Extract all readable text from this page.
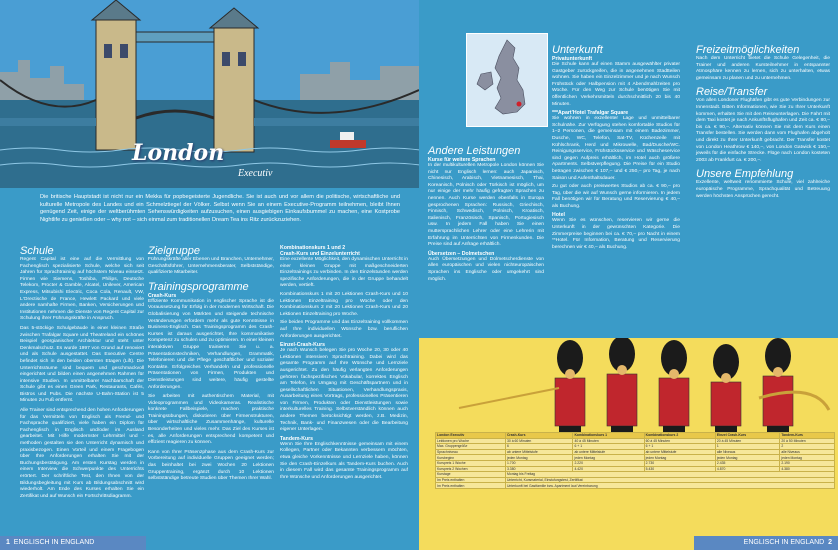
London
Executiv
Die britische Hauptstadt ist nicht nur ein Mekka für popbegeisterte Jugendliche. Sie ist auch und vor allem die politische, wirtschaftliche und kulturelle Metropole des Landes und ein Schmelztiegel der Völker. Selbst wenn Sie an einem Executive-Programm teilnehmen, bleibt Ihnen genügend Zeit, einige der weltberühmten Sehenswürdigkeiten aufzusuchen, einen ausgiebigen Einkaufsbummel zu machen, eine Kostprobe Nightlife zu genießen oder – why not – sich einmal zum traditionellen Dream Tea ins Ritz zurückzuziehen.
Schule
Regent Capital ist eine auf die Vermittlung von Fachenglisch spezialisierte Schule, welche sich seit Jahren für Sprachtraining auf höchstem Niveau einsetzt. Firmen wie Siemens, Toshiba, Philips, Deutsche Telekom, Procter & Gamble, Alcatel, Unilever, American Express, Mitsubishi Electric, Coca Cola, Renault, VW, L'Orectische de France, Hewlett Packard und viele andere namhafte Firmen, Banken, Versicherungen und Institutionen nehmen die Dienste von Regent Capital zur Schulung ihrer Führungskräfte in Anspruch.
Das 5-stöckige Schulgebäude in einer kleinen Straße zwischen Trafalgar Square und Theatreland ein schönes Beispiel georgianischer Architektur und steht unter Denkmalschutz. Es wurde 1997 von Grund auf renoviert und als Schule ausgestattet. Das Executive Centre befindet sich in den beiden obersten Etagen (Lift). Die Unterrichtsräume sind bequem und geschmackvoll eingerichtet und bilden einen angenehmen Rahmen für intensive Studien. In unmittelbarer Nachbarschaft der Schule gibt es einen Green Park, Restaurants, Cafés, Bistros und Pubs. Die nächste U-Bahn-Station ist 5 Minuten zu Fuß entfernt.
Alle Trainer sind entsprechend den hohen Anforderungen für das Vermitteln von Englisch als Fremd- und Fachsprache qualifiziert, viele haben ein Diplom für Fachenglisch in Englisch und/oder im Ausland gearbeitet. Mit Hilfe modernster Lehrmittel und -methoden gestalten sie den Unterricht dynamisch und praxisbezogen. Einen Vorteil und einem Fragebogen über Ihre Anforderungen erhalten Sie mit der Buchungsbestätigung. Am ersten Kurstag werden in einem Interview die Schwerpunkte des Unterrichts erörtert. Der schriftliche Test, den Ihnen von der Bildungsbegleitung mit Kurs ab Bildungsabschnitt wird wiederholt. Am Ende des Kurses erhalten Sie ein Zertifikat und auf Wunsch ein Fortschrittsdiagramm.
Zielgruppe
Führungskräfte aller Ebenen und Branchen, Unternehmer, Geschäftsführer, Unternehmensberater, Selbstständige, qualifizierte Mitarbeiter.
Trainingsprogramme
Crash-Kurs
Effiziente Kommunikation in englischer Sprache ist die Voraussetzung für Erfolg in der modernen Wirtschaft. Die Globalisierung von Märkten und steigende technische Veränderungen erfordern mehr als gute Kenntnisse in Business-Englisch. Das Trainingsprogramm des Crash-Kurses ist daraus ausgerichtet, Ihre kommunikative Kompetenz zu schulen und zu optimieren. In einer kleinen interaktiven Gruppe trainieren Sie u. a. Präsentationstechniken, Verhandlungen, Grammatik, Telefonieren und die Pflege geschäftlicher und sozialer Kontakte. Erfolgreiches Verhandeln und professionelle Präsentationen von Firmen, Produkten und Dienstleistungen sind weitere, häufig gestellte Anforderungen.
Sie arbeiten mit authentischem Material, mit Videoprogrammen und Videokameras. Realistische konkrete Fallbeispiele, machen praktische Trainingsübungen, diskutieren über Firmenstrukturen, über wirtschaftliche Zusammenhänge, kulturelle Besonderheiten und vieles mehr. Das Ziel des Kurses ist es, alle Anforderungen entsprechend kompetent und effizient reagieren zu können.
Kann von Ihrer Präsenzphase aus dem Crash-Kurs zur Vorbereitung auf individuelle Gruppen geeignet werden; das beinhaltet bei zwei Wochen 20 Lektionen Gruppentraining, ergänzt durch 10 Lektionen selbstständige betreute Studien über Themen Ihrer Wahl.
Kombinationskurs 1 und 2
Crash-Kurs und Einzelunterricht
Eine exzellente Möglichkeit, den dynamischen Unterricht in einer kleinen Gruppe mit maßgeschneiderten Einzeltrainings zu verbinden. In den Einzelstunden werden spezifische Anforderungen, die in der Gruppe behandelt werden, vertieft.
Kombinationskurs 1 mit 20 Lektionen Crash-Kurs und 10 Lektionen Einzeltraining pro Woche oder den Kombinationskurs 2 mit 20 Lektionen Crash-Kurs und 20 Lektionen Einzeltraining pro Woche.
Sie beiden Programme und das Einzeltraining vollkommen auf Ihre individuellen Wünsche bzw. beruflichen Anforderungen ausgerichtet.
Einzel-Crash-Kurs
Je nach Wunsch belegen Sie pro Woche 20, 30 oder 40 Lektionen intensiven Sprachtraining. Dabei wird das gesamte Programm auf Ihre Wünsche und Lernziele ausgerichtet. Zu den häufig verlangten Anforderungen gehören fachspezifisches Vokabular, korrektes Englisch am Telefon, im Umgang mit Geschäftspartnern und in gesellschaftlichen Situationen, Verhandlungspraxis, Ausarbeitung eines Vortrags, professionelles Präsentieren von Firmen, Produkten oder Dienstleistungen sowie interkulturelles Training. Selbstverständlich können auch andere Themen berücksichtigt werden, z.B. Medizin, Technik, Bank- und Finanzwesen oder die Bearbeitung eigener Unterlagen.
Tandem-Kurs
Wenn Sie Ihre Englischkenntnisse gemeinsam mit einem Kollegen, Partner oder Bekannten verbessern möchten, etwa gleiche Vorkenntnisse und Lernziele haben, können Sie den Crash-Einzelkurs als Tandem-Kurs buchen. Auch in diesem Fall wird das gesamte Trainingsprogramm auf Ihre Wünsche und Anforderungen ausgerichtet.
1 ENGLISCH IN ENGLAND
Andere Leistungen
Kurse für weitere Sprachen
In der multikulturellen Metropole London können Sie nicht nur Englisch lernen: auch Japanisch, Chinesisch, Arabisch, Vietnamesisch, Thai, Koreanisch, Polnisch oder Türkisch ist möglich, um nur einige der mehr häufig gefragten Sprachen zu nennen. Auch Kurse werden ebenfalls in Europa gesprochenen Sprachen: Russisch, Griechisch, Finnisch, Schwedisch, Polnisch, Kroatisch, Italienisch, Französisch, Spanisch, Portugiesisch usw. In jedem Fall haben Sie einen muttersprachlichen Lehrer oder eine Lehrerin mit Erfahrung im Unterrichten von Firmenkunden. Die Preise sind auf Anfrage erhältlich.
Übersetzen – Dolmetschen
Auch Übersetzungen und Dolmetscherdienste von allen europäischen und vielen nichteuropäischen Sprachen ins Englische oder umgekehrt sind möglich.
Unterkunft
Privatunterkunft
Die Schule kann auf einen Stamm ausgewählter privater Gastgeber zurückgreifen, die in angenehmen Stadtteilen wohnen. Sie haben ein Einzelzimmer und je nach Wunsch Frühstück oder Halbpension mit 4 Abendmahlzeiten pro Woche. Für den Weg zur Schule benötigen Sie mit öffentlichen Verkehrsmitteln durchschnittlich 20 bis 40 Minuten.
***Apart'Hotel Trafalgar Square
Sie wohnen in exzellenter Lage und unmittelbarer Schulnähe. Zur Verfügung stehen komfortable Studios für 1–2 Personen, die gemeinsam mit einem Badezimmer, Dusche, WC, Telefon, Sat-TV, Küchenzeile mit Kühlschrank, Herd und Mikrowelle, Bad/Dusche/WC. Reinigungsservice, Frühstücksservice und Wäscheservice sind gegen Aufpreis erhältlich, im Hotel auch größere Apartments. Selbstverpflegung. Die Preise für ein Studio betragen zwischen € 107,– und € 250,– pro Tag, je nach Saison und Aufenthaltsdauer.
Zu gut oder auch preiswertes Studios ab ca. € 90,– pro Tag, über die wir auf Wunsch gerne informieren. In jedem Fall benötigen wir für Beratung und Reservierung € 40,– als Buchung.
Hotel
Wenn Sie es wünschen, reservieren wir gerne die Unterkunft in der gewünschten Kategorie. Die Zimmerpreise beginnen bei ca. € 70,– pro Nacht in einem **Hotel. Für Information, Beratung und Reservierung berechnen wir € 40,– als Buchung.
Freizeitmöglichkeiten
Nach dem Unterricht bietet die Schule Gelegenheit, die Trainer und anderen Kursteilnehmer in entspannter Atmosphäre kennen zu lernen, sich zu unterhalten, etwas gemeinsam zu planen und zu unternehmen.
Reise/Transfer
Von allen Londoner Flughäfen gibt es gute Verbindungen zur Innenstadt. Bitten Informationen, wie Sie zu Ihrer Unterkunft kommen, erhalten Sie mit den Reiseunterlagen. Die Fahrt mit dem Taxi kostet je nach Ankunftsflughafen und Zeit ca. € 80,– bis ca. € 90,–. Alternativ können Sie mit dem Kurs einen Transfer bestellen. Sie werden dann vom Flughafen abgeholt und direkt zu Ihrer Unterkunft gebracht. Der Transfer kostet von London Heathrow € 140,–, von London Gatwick € 150,– jeweils für die einfache Strecke. Flüge nach London kosteten 2003 ab Frankfurt ca. € 200,–.
Unsere Empfehlung
Exzellente, weltweit renommierte Schule, viel zahlreiche europäische Programme, Sprachqualität und Betreuung werden höchsten Ansprüchen gerecht.
London Executiv	Crash-Kurs	Kombinationskurs 1	Kombinationskurs 2	Einzel Crash-Kurs	Tandem-Kurs
Lektionen pro Woche	30 à 60 Minuten	40 à 45 Minuten	60 à 45 Minuten	20 à 45 Minuten	20 à 50 Minuten
Max. Gruppengröße	6	6 + 1	6 + 1	1	2
Sprachniveau	ab untere Mittelstufe	ab untere Mittelstufe	ab untere Mittelstufe	alle Niveaus	alle Niveaus
Kursbeginn	jeden Montag	jeden Montag	jeden Montag	jeden Montag	jeden Montag
Kurspreis 1 Woche	1.700	2.220	2.730	2.435	2.190
Kurspreis 2 Wochen	3.380	4.420	5.430	4.870	4.380
Kurstage	Montag bis Freitag				
Im Preis enthalten	Unterricht, Kursmaterial, Einstufungstest, Zertifikat				
Im Preis enthalten	Unterkunft bei Gastfamilie bzw. Apartment laut Vereinbarung				
ENGLISCH IN ENGLAND 2
